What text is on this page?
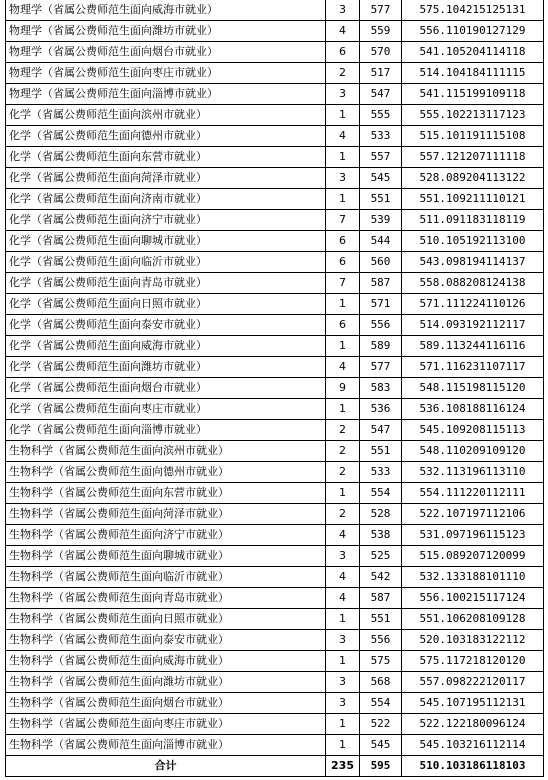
物理学（省属公费师范生面向威海市就业）	3	577	575.104215125131
物理学（省属公费师范生面向潍坊市就业）	4	559	556.110190127129
物理学（省属公费师范生面向烟台市就业）	6	570	541.105204114118
物理学（省属公费师范生面向枣庄市就业）	2	517	514.104184111115
物理学（省属公费师范生面向淄博市就业）	3	547	541.115199109118
化学（省属公费师范生面向滨州市就业）	1	555	555.102213117123
化学（省属公费师范生面向德州市就业）	4	533	515.101191115108
化学（省属公费师范生面向东营市就业）	1	557	557.121207111118
化学（省属公费师范生面向菏泽市就业）	3	545	528.089204113122
化学（省属公费师范生面向济南市就业）	1	551	551.109211110121
化学（省属公费师范生面向济宁市就业）	7	539	511.091183118119
化学（省属公费师范生面向聊城市就业）	6	544	510.105192113100
化学（省属公费师范生面向临沂市就业）	6	560	543.098194114137
化学（省属公费师范生面向青岛市就业）	7	587	558.088208124138
化学（省属公费师范生面向日照市就业）	1	571	571.111224110126
化学（省属公费师范生面向泰安市就业）	6	556	514.093192112117
化学（省属公费师范生面向威海市就业）	1	589	589.113244116116
化学（省属公费师范生面向潍坊市就业）	4	577	571.116231107117
化学（省属公费师范生面向烟台市就业）	9	583	548.115198115120
化学（省属公费师范生面向枣庄市就业）	1	536	536.108188116124
化学（省属公费师范生面向淄博市就业）	2	547	545.109208115113
生物科学（省属公费师范生面向滨州市就业）	2	551	548.110209109120
生物科学（省属公费师范生面向德州市就业）	2	533	532.113196113110
生物科学（省属公费师范生面向东营市就业）	1	554	554.111220112111
生物科学（省属公费师范生面向菏泽市就业）	2	528	522.107197112106
生物科学（省属公费师范生面向济宁市就业）	4	538	531.097196115123
生物科学（省属公费师范生面向聊城市就业）	3	525	515.089207120099
生物科学（省属公费师范生面向临沂市就业）	4	542	532.133188101110
生物科学（省属公费师范生面向青岛市就业）	4	587	556.100215117124
生物科学（省属公费师范生面向日照市就业）	1	551	551.106208109128
生物科学（省属公费师范生面向泰安市就业）	3	556	520.103183122112
生物科学（省属公费师范生面向威海市就业）	1	575	575.117218120120
生物科学（省属公费师范生面向潍坊市就业）	3	568	557.098222120117
生物科学（省属公费师范生面向烟台市就业）	3	554	545.107195112131
生物科学（省属公费师范生面向枣庄市就业）	1	522	522.122180096124
生物科学（省属公费师范生面向淄博市就业）	1	545	545.103216112114
合计	235	595	510.103186118103
